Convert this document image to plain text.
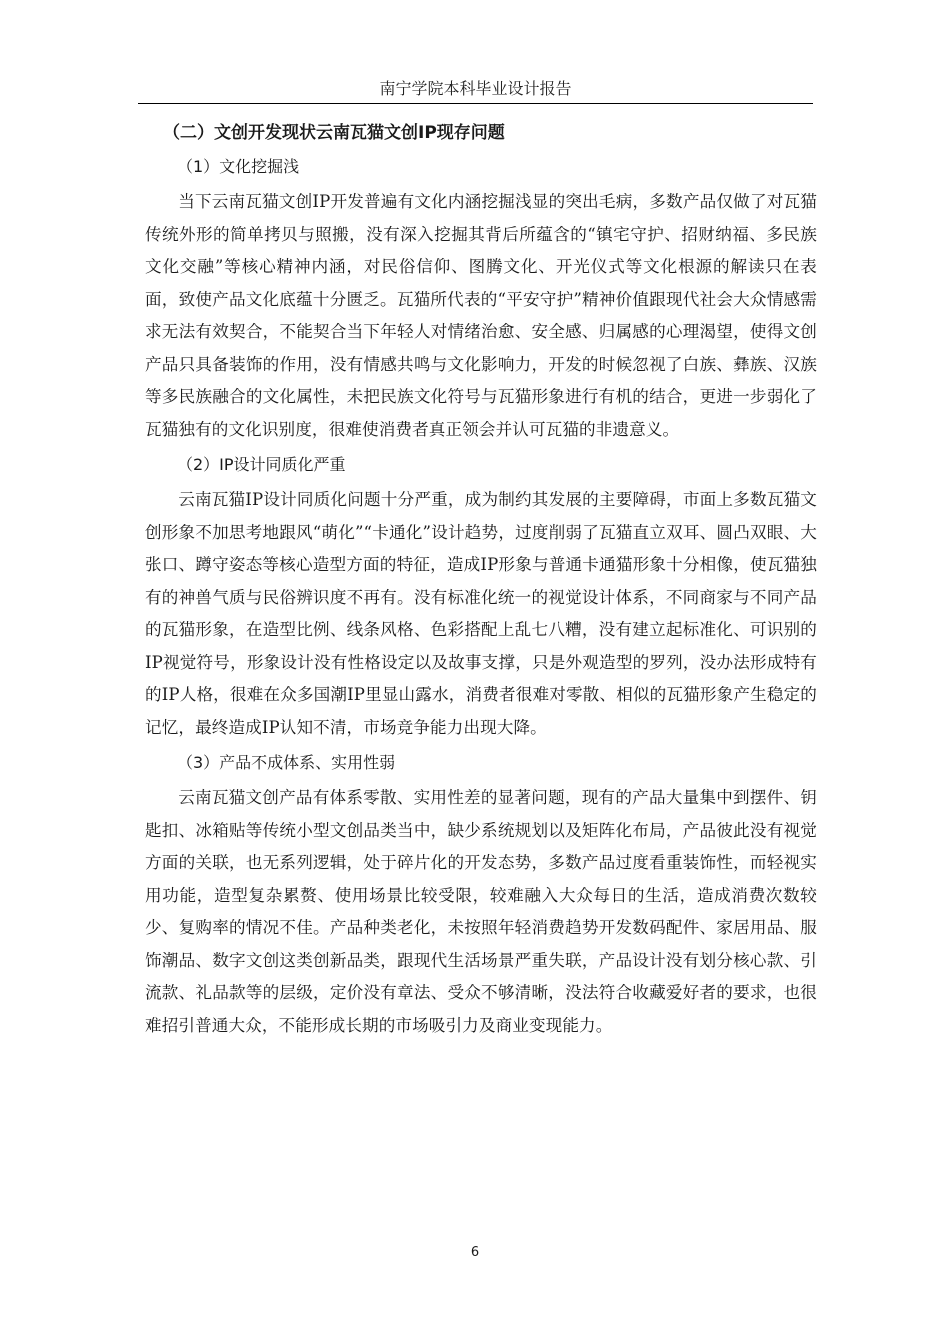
南宁学院本科毕业设计报告
（二）文创开发现状云南瓦猫文创IP现存问题
（1）文化挖掘浅

当下云南瓦猫文创IP开发普遍有文化内涵挖掘浅显的突出毛病，多数产品仅做了对瓦猫传统外形的简单拷贝与照搬，没有深入挖掘其背后所蕴含的“镇宅守护、招财纳福、多民族文化交融”等核心精神内涵，对民俗信仰、图腾文化、开光仪式等文化根源的解读只在表面，致使产品文化底蕴十分匮乏。瓦猫所代表的“平安守护”精神价值跟现代社会大众情感需求无法有效契合，不能契合当下年轻人对情绪治愈、安全感、归属感的心理渴望，使得文创产品只具备装饰的作用，没有情感共鸣与文化影响力，开发的时候忽视了白族、彝族、汉族等多民族融合的文化属性，未把民族文化符号与瓦猫形象进行有机的结合，更进一步弱化了瓦猫独有的文化识别度，很难使消费者真正领会并认可瓦猫的非遗意义。

（2）IP设计同质化严重

云南瓦猫IP设计同质化问题十分严重，成为制约其发展的主要障碍，市面上多数瓦猫文创形象不加思考地跟风“萌化”“卡通化”设计趋势，过度削弱了瓦猫直立双耳、圆凸双眼、大张口、蹲守姿态等核心造型方面的特征，造成IP形象与普通卡通猫形象十分相像，使瓦猫独有的神兽气质与民俗辨识度不再有。没有标准化统一的视觉设计体系，不同商家与不同产品的瓦猫形象，在造型比例、线条风格、色彩搭配上乱七八糟，没有建立起标准化、可识别的IP视觉符号，形象设计没有性格设定以及故事支撑，只是外观造型的罗列，没办法形成特有的IP人格，很难在众多国潮IP里显山露水，消费者很难对零散、相似的瓦猫形象产生稳定的记忆，最终造成IP认知不清，市场竞争能力出现大降。

（3）产品不成体系、实用性弱

云南瓦猫文创产品有体系零散、实用性差的显著问题，现有的产品大量集中到摆件、钥匙扣、冰箱贴等传统小型文创品类当中，缺少系统规划以及矩阵化布局，产品彼此没有视觉方面的关联，也无系列逻辑，处于碎片化的开发态势，多数产品过度看重装饰性，而轻视实用功能，造型复杂累赘、使用场景比较受限，较难融入大众每日的生活，造成消费次数较少、复购率的情况不佳。产品种类老化，未按照年轻消费趋势开发数码配件、家居用品、服饰潮品、数字文创这类创新品类，跟现代生活场景严重失联，产品设计没有划分核心款、引流款、礼品款等的层级，定价没有章法、受众不够清晰，没法符合收藏爱好者的要求，也很难招引普通大众，不能形成长期的市场吸引力及商业变现能力。

6
